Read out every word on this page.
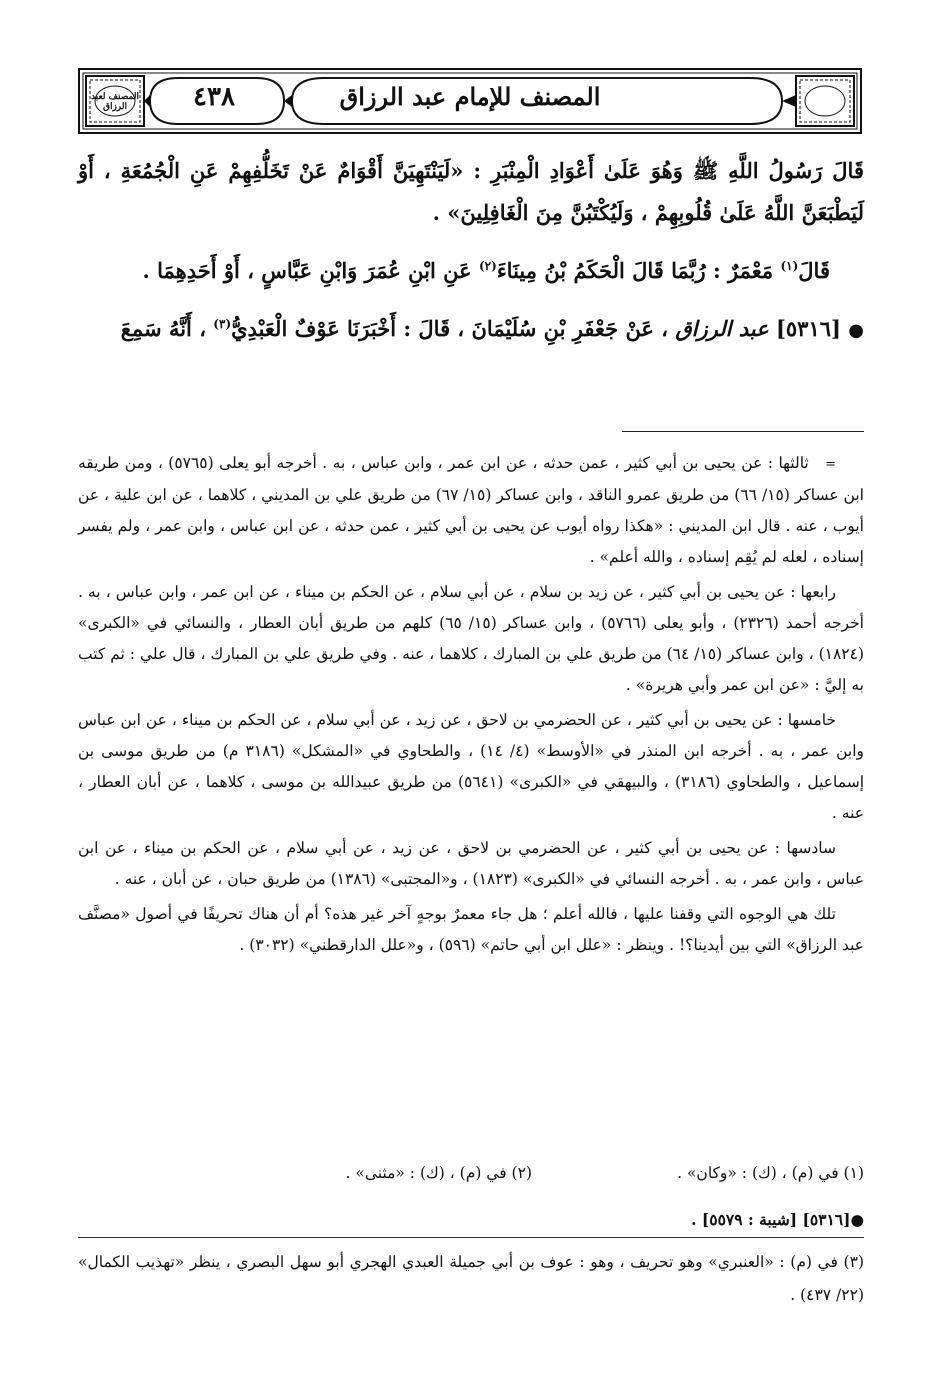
المصنف لعبد الرزاق	٤٣٨	المصنف للإمام عبد الرزاق

قَالَ رَسُولُ اللَّهِ ﷺ وَهُوَ عَلَىٰ أَعْوَادِ الْمِنْبَرِ : «لَيَنْتَهِيَنَّ أَقْوَامٌ عَنْ تَخَلُّفِهِمْ عَنِ الْجُمُعَةِ ، أَوْ لَيَطْبَعَنَّ اللَّهُ عَلَىٰ قُلُوبِهِمْ ، وَلَيُكْتَبُنَّ مِنَ الْغَافِلِينَ» .

قَالَ$^{(١)}$ مَعْمَرٌ : رُبَّمَا قَالَ الْحَكَمُ بْنُ مِينَاءَ$^{(٢)}$ عَنِ ابْنِ عُمَرَ وَابْنِ عَبَّاسٍ ، أَوْ أَحَدِهِمَا .

● [٥٣١٦] عبد الرزاق ، عَنْ جَعْفَرِ بْنِ سُلَيْمَانَ ، قَالَ : أَخْبَرَنَا عَوْفٌ الْعَبْدِيُّ$^{(٣)}$ ، أَنَّهُ سَمِعَ

=   ثالثها : عن يحيى بن أبي كثير ، عمن حدثه ، عن ابن عمر ، وابن عباس ، به . أخرجه أبو يعلى (٥٧٦٥) ، ومن طريقه ابن عساكر (١٥/ ٦٦) من طريق عمرو الناقد ، وابن عساكر (١٥/ ٦٧) من طريق علي بن المديني ، كلاهما ، عن ابن علية ، عن أيوب ، عنه . قال ابن المديني : «هكذا رواه أيوب عن يحيى بن أبي كثير ، عمن حدثه ، عن ابن عباس ، وابن عمر ، ولم يفسر إسناده ، لعله لم يُقِم إسناده ، والله أعلم» .

رابعها : عن يحيى بن أبي كثير ، عن زيد بن سلام ، عن أبي سلام ، عن الحكم بن ميناء ، عن ابن عمر ، وابن عباس ، به . أخرجه أحمد (٢٣٢٦) ، وأبو يعلى (٥٧٦٦) ، وابن عساكر (١٥/ ٦٥) كلهم من طريق أبان العطار ، والنسائي في «الكبرى» (١٨٢٤) ، وابن عساكر (١٥/ ٦٤) من طريق علي بن المبارك ، كلاهما ، عنه . وفي طريق علي بن المبارك ، قال علي : ثم كتب به إليَّ : «عن ابن عمر وأبي هريرة» .

خامسها : عن يحيى بن أبي كثير ، عن الحضرمي بن لاحق ، عن زيد ، عن أبي سلام ، عن الحكم بن ميناء ، عن ابن عباس وابن عمر ، به . أخرجه ابن المنذر في «الأوسط» (٤/ ١٤) ، والطحاوي في «المشكل» (٣١٨٦ م) من طريق موسى بن إسماعيل ، والطحاوي (٣١٨٦) ، والبيهقي في «الكبرى» (٥٦٤١) من طريق عبيدالله بن موسى ، كلاهما ، عن أبان العطار ، عنه .

سادسها : عن يحيى بن أبي كثير ، عن الحضرمي بن لاحق ، عن زيد ، عن أبي سلام ، عن الحكم بن ميناء ، عن ابن عباس ، وابن عمر ، به . أخرجه النسائي في «الكبرى» (١٨٢٣) ، و«المجتبى» (١٣٨٦) من طريق حبان ، عن أبان ، عنه .

تلك هي الوجوه التي وقفنا عليها ، فالله أعلم ؛ هل جاء معمرٌ بوجهٍ آخر غير هذه؟ أم أن هناك تحريفًا في أصول «مصنَّف عبد الرزاق» التي بين أيدينا؟! . وينظر : «علل ابن أبي حاتم» (٥٩٦) ، و«علل الدارقطني» (٣٠٣٢) .

(١) في (م) ، (ك) : «وكان» .
(٢) في (م) ، (ك) : «مثنى» .
●[٥٣١٦] [شيبة : ٥٥٧٩] .
(٣) في (م) : «العنبري» وهو تحريف ، وهو : عوف بن أبي جميلة العبدي الهجري أبو سهل البصري ، ينظر «تهذيب الكمال» (٢٢/ ٤٣٧) .
